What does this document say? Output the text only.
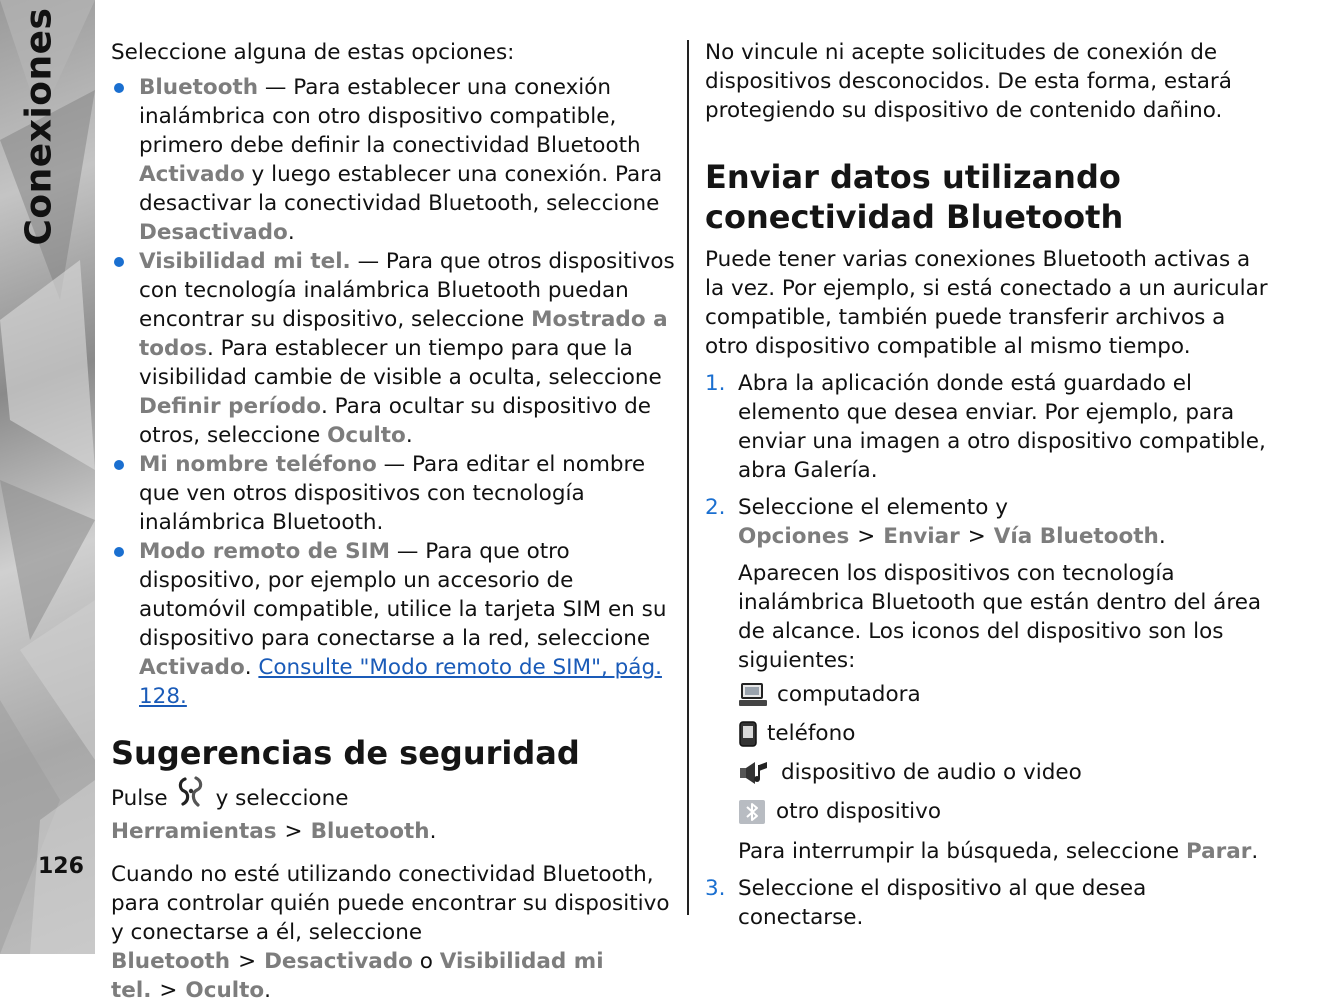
Conexiones
126

Seleccione alguna de estas opciones:

Bluetooth — Para establecer una conexión inalámbrica con otro dispositivo compatible, primero debe definir la conectividad Bluetooth Activado y luego establecer una conexión. Para desactivar la conectividad Bluetooth, seleccione Desactivado.
Visibilidad mi tel. — Para que otros dispositivos con tecnología inalámbrica Bluetooth puedan encontrar su dispositivo, seleccione Mostrado a todos. Para establecer un tiempo para que la visibilidad cambie de visible a oculta, seleccione Definir período. Para ocultar su dispositivo de otros, seleccione Oculto.
Mi nombre teléfono — Para editar el nombre que ven otros dispositivos con tecnología inalámbrica Bluetooth.
Modo remoto de SIM — Para que otro dispositivo, por ejemplo un accesorio de automóvil compatible, utilice la tarjeta SIM en su dispositivo para conectarse a la red, seleccione Activado. Consulte "Modo remoto de SIM", pág. 128.
Sugerencias de seguridad

Pulse y seleccione Herramientas > Bluetooth.

Cuando no esté utilizando conectividad Bluetooth, para controlar quién puede encontrar su dispositivo y conectarse a él, seleccione Bluetooth > Desactivado o Visibilidad mi tel. > Oculto.

No vincule ni acepte solicitudes de conexión de dispositivos desconocidos. De esta forma, estará protegiendo su dispositivo de contenido dañino.

Enviar datos utilizando conectividad Bluetooth

Puede tener varias conexiones Bluetooth activas a la vez. Por ejemplo, si está conectado a un auricular compatible, también puede transferir archivos a otro dispositivo compatible al mismo tiempo.

1. Abra la aplicación donde está guardado el elemento que desea enviar. Por ejemplo, para enviar una imagen a otro dispositivo compatible, abra Galería.
2. Seleccione el elemento y Opciones > Enviar > Vía Bluetooth.

Aparecen los dispositivos con tecnología inalámbrica Bluetooth que están dentro del área de alcance. Los iconos del dispositivo son los siguientes:

computadora
teléfono
dispositivo de audio o video
otro dispositivo

Para interrumpir la búsqueda, seleccione Parar.

3. Seleccione el dispositivo al que desea conectarse.
